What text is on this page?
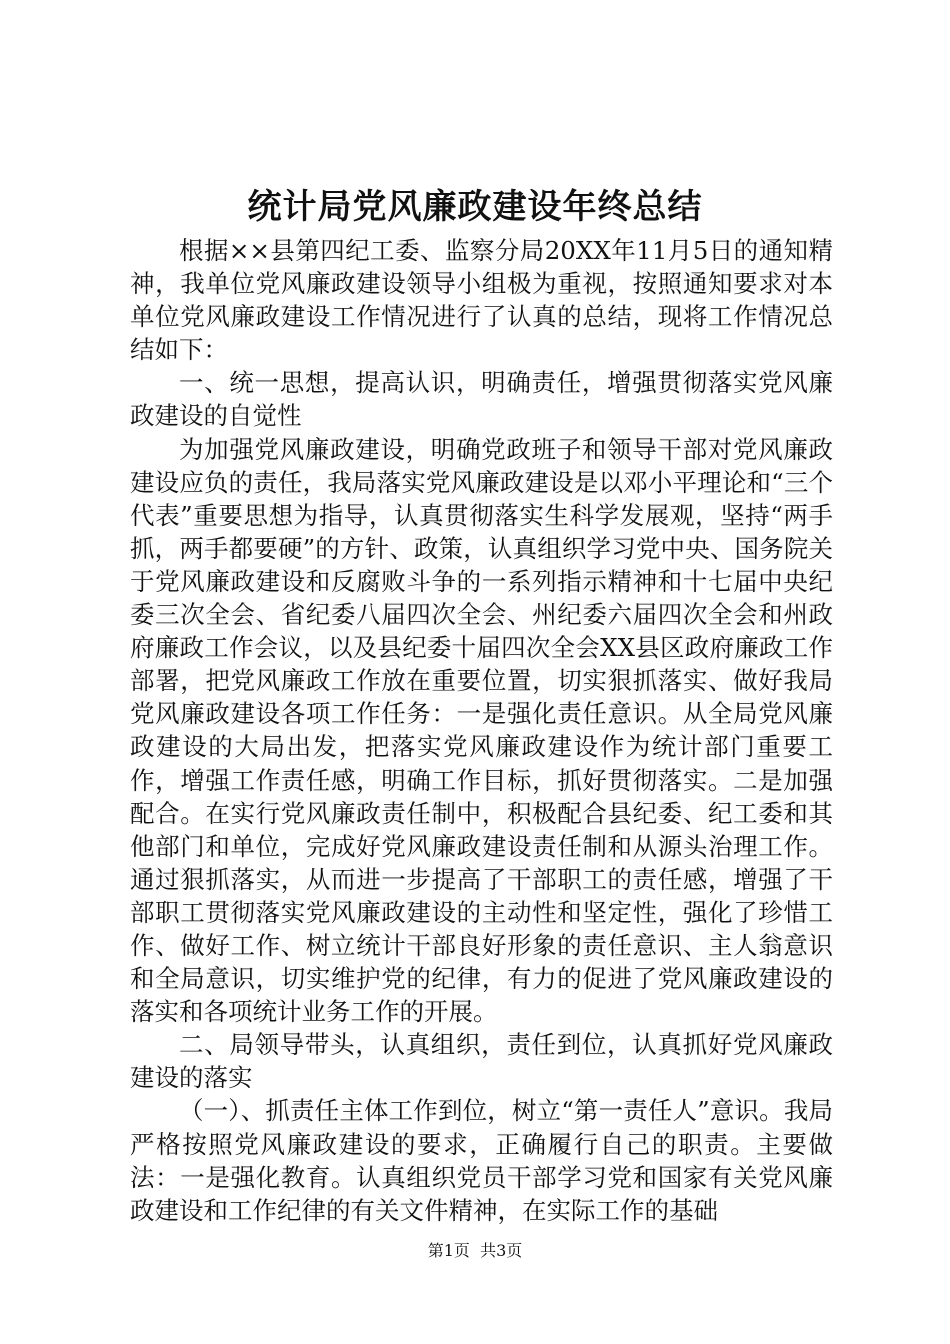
统计局党风廉政建设年终总结

根据××县第四纪工委、监察分局20XX年11月5日的通知精神，我单位党风廉政建设领导小组极为重视，按照通知要求对本单位党风廉政建设工作情况进行了认真的总结，现将工作情况总结如下：

一、统一思想，提高认识，明确责任，增强贯彻落实党风廉政建设的自觉性

为加强党风廉政建设，明确党政班子和领导干部对党风廉政建设应负的责任，我局落实党风廉政建设是以邓小平理论和“三个代表”重要思想为指导，认真贯彻落实生科学发展观，坚持“两手抓，两手都要硬”的方针、政策，认真组织学习党中央、国务院关于党风廉政建设和反腐败斗争的一系列指示精神和十七届中央纪委三次全会、省纪委八届四次全会、州纪委六届四次全会和州政府廉政工作会议，以及县纪委十届四次全会XX县区政府廉政工作部署，把党风廉政工作放在重要位置，切实狠抓落实、做好我局党风廉政建设各项工作任务：一是强化责任意识。从全局党风廉政建设的大局出发，把落实党风廉政建设作为统计部门重要工作，增强工作责任感，明确工作目标，抓好贯彻落实。二是加强配合。在实行党风廉政责任制中，积极配合县纪委、纪工委和其他部门和单位，完成好党风廉政建设责任制和从源头治理工作。通过狠抓落实，从而进一步提高了干部职工的责任感，增强了干部职工贯彻落实党风廉政建设的主动性和坚定性，强化了珍惜工作、做好工作、树立统计干部良好形象的责任意识、主人翁意识和全局意识，切实维护党的纪律，有力的促进了党风廉政建设的落实和各项统计业务工作的开展。

二、局领导带头，认真组织，责任到位，认真抓好党风廉政建设的落实

（一）、抓责任主体工作到位，树立“第一责任人”意识。我局严格按照党风廉政建设的要求，正确履行自己的职责。主要做法：一是强化教育。认真组织党员干部学习党和国家有关党风廉政建设和工作纪律的有关文件精神，在实际工作的基础

第1页  共3页
